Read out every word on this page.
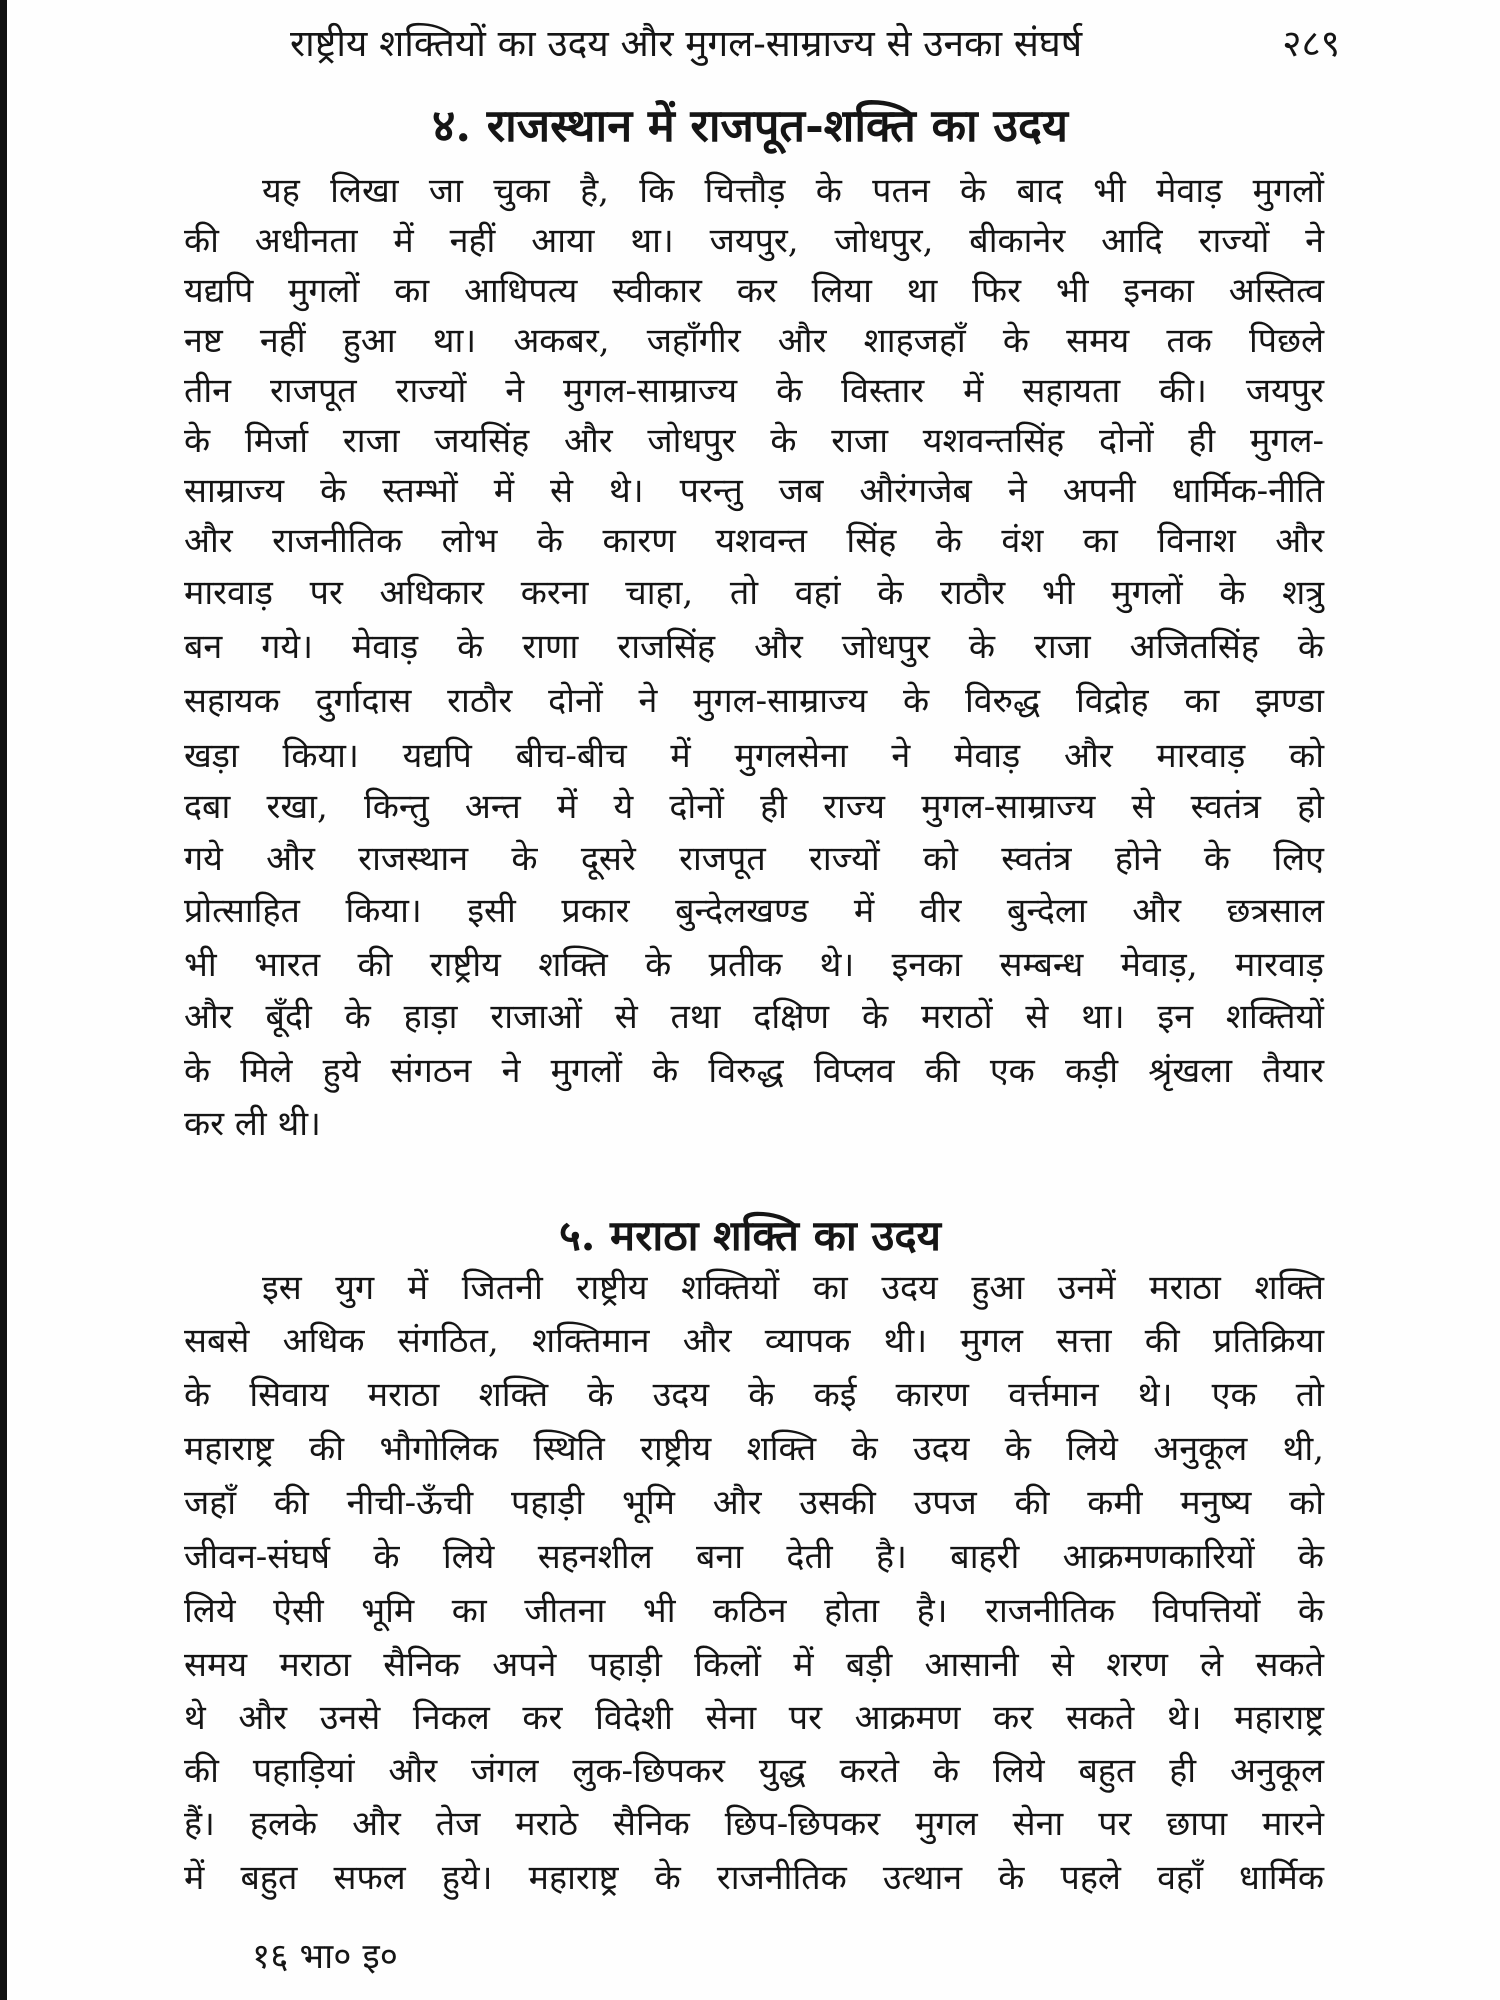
राष्ट्रीय शक्तियों का उदय और मुगल-साम्राज्य से उनका संघर्ष	२८९
४. राजस्थान में राजपूत-शक्ति का उदय
यह लिखा जा चुका है, कि चित्तौड़ के पतन के बाद भी मेवाड़ मुगलों
की अधीनता में नहीं आया था। जयपुर, जोधपुर, बीकानेर आदि राज्यों ने
यद्यपि मुगलों का आधिपत्य स्वीकार कर लिया था फिर भी इनका अस्तित्व
नष्ट नहीं हुआ था। अकबर, जहाँगीर और शाहजहाँ के समय तक पिछले
तीन राजपूत राज्यों ने मुगल-साम्राज्य के विस्तार में सहायता की। जयपुर
के मिर्जा राजा जयसिंह और जोधपुर के राजा यशवन्तसिंह दोनों ही मुगल-
साम्राज्य के स्तम्भों में से थे। परन्तु जब औरंगजेब ने अपनी धार्मिक-नीति
और राजनीतिक लोभ के कारण यशवन्त सिंह के वंश का विनाश और
मारवाड़ पर अधिकार करना चाहा, तो वहां के राठौर भी मुगलों के शत्रु
बन गये। मेवाड़ के राणा राजसिंह और जोधपुर के राजा अजितसिंह के
सहायक दुर्गादास राठौर दोनों ने मुगल-साम्राज्य के विरुद्ध विद्रोह का झण्डा
खड़ा किया। यद्यपि बीच-बीच में मुगलसेना ने मेवाड़ और मारवाड़ को
दबा रखा, किन्तु अन्त में ये दोनों ही राज्य मुगल-साम्राज्य से स्वतंत्र हो
गये और राजस्थान के दूसरे राजपूत राज्यों को स्वतंत्र होने के लिए
प्रोत्साहित किया। इसी प्रकार बुन्देलखण्ड में वीर बुन्देला और छत्रसाल
भी भारत की राष्ट्रीय शक्ति के प्रतीक थे। इनका सम्बन्ध मेवाड़, मारवाड़
और बूँदी के हाड़ा राजाओं से तथा दक्षिण के मराठों से था। इन शक्तियों
के मिले हुये संगठन ने मुगलों के विरुद्ध विप्लव की एक कड़ी श्रृंखला तैयार
कर ली थी।
५. मराठा शक्ति का उदय
इस युग में जितनी राष्ट्रीय शक्तियों का उदय हुआ उनमें मराठा शक्ति
सबसे अधिक संगठित, शक्तिमान और व्यापक थी। मुगल सत्ता की प्रतिक्रिया
के सिवाय मराठा शक्ति के उदय के कई कारण वर्त्तमान थे। एक तो
महाराष्ट्र की भौगोलिक स्थिति राष्ट्रीय शक्ति के उदय के लिये अनुकूल थी,
जहाँ की नीची-ऊँची पहाड़ी भूमि और उसकी उपज की कमी मनुष्य को
जीवन-संघर्ष के लिये सहनशील बना देती है। बाहरी आक्रमणकारियों के
लिये ऐसी भूमि का जीतना भी कठिन होता है। राजनीतिक विपत्तियों के
समय मराठा सैनिक अपने पहाड़ी किलों में बड़ी आसानी से शरण ले सकते
थे और उनसे निकल कर विदेशी सेना पर आक्रमण कर सकते थे। महाराष्ट्र
की पहाड़ियां और जंगल लुक-छिपकर युद्ध करते के लिये बहुत ही अनुकूल
हैं। हलके और तेज मराठे सैनिक छिप-छिपकर मुगल सेना पर छापा मारने
में बहुत सफल हुये। महाराष्ट्र के राजनीतिक उत्थान के पहले वहाँ धार्मिक
१६ भा० इ०
